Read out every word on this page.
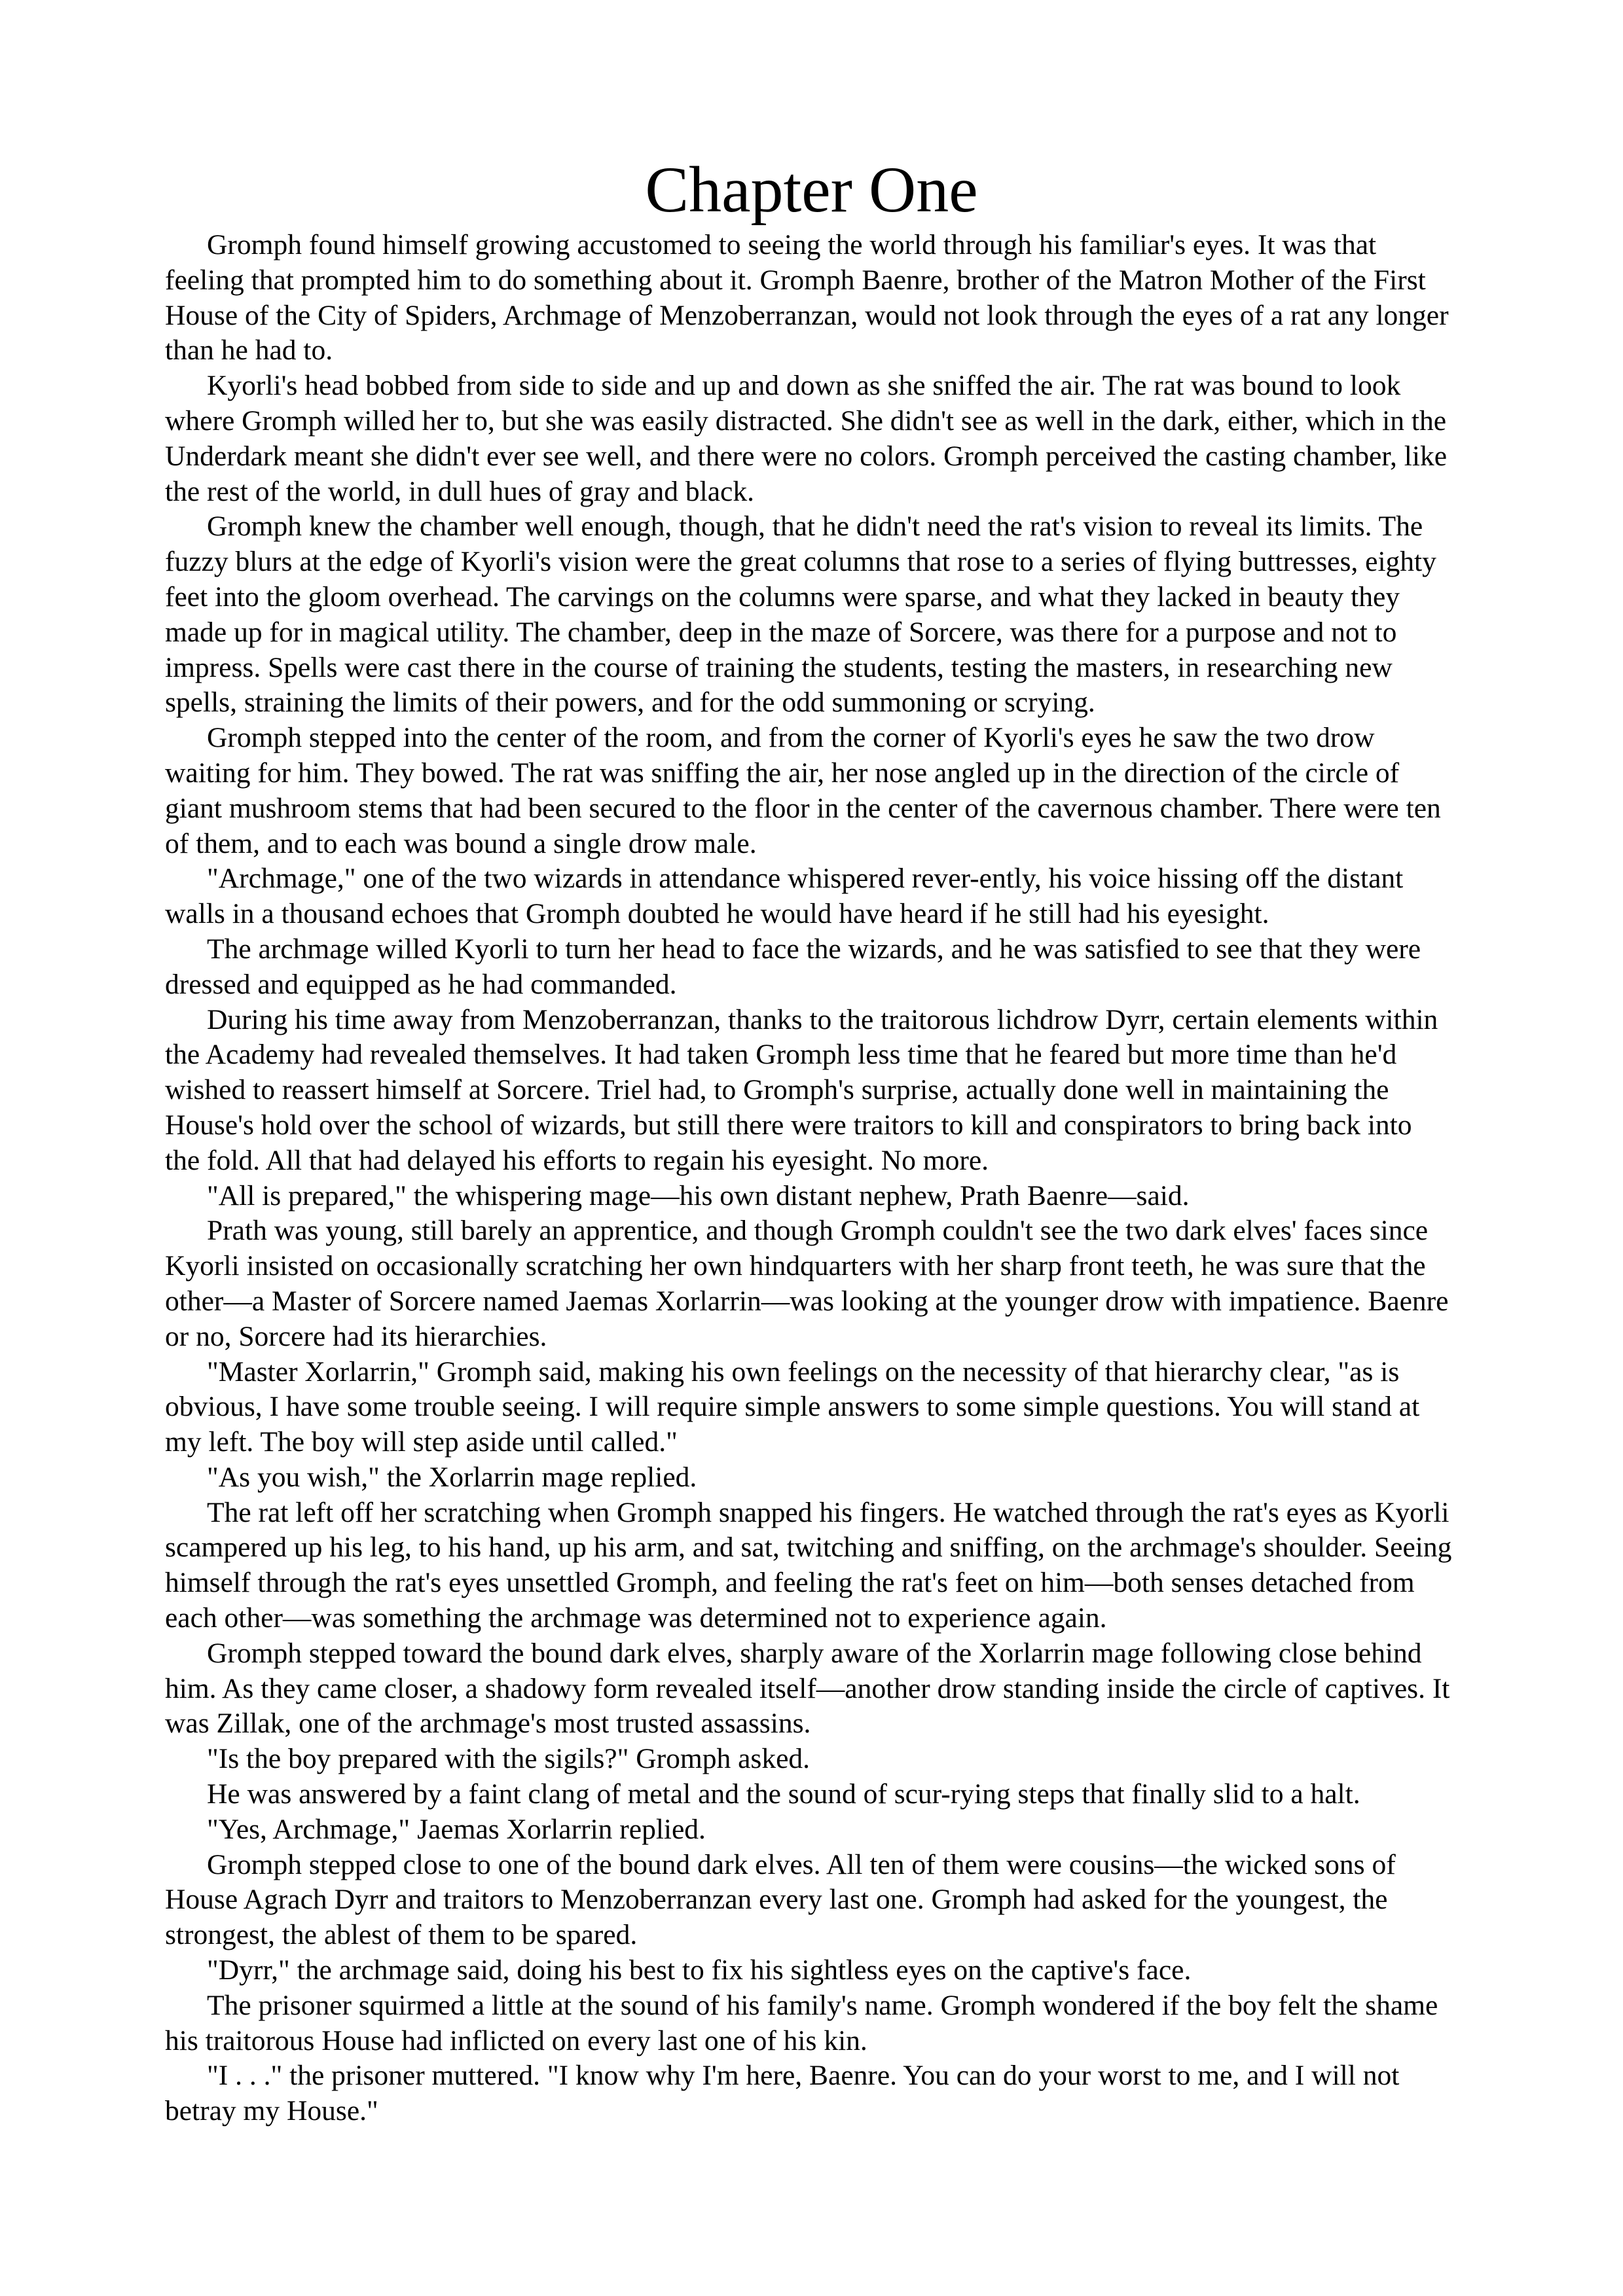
Chapter One

Gromph found himself growing accustomed to seeing the world through his familiar's eyes. It was that feeling that prompted him to do something about it. Gromph Baenre, brother of the Matron Mother of the First House of the City of Spiders, Archmage of Menzoberranzan, would not look through the eyes of a rat any longer than he had to.

Kyorli's head bobbed from side to side and up and down as she sniffed the air. The rat was bound to look where Gromph willed her to, but she was easily distracted. She didn't see as well in the dark, either, which in the Underdark meant she didn't ever see well, and there were no colors. Gromph perceived the casting chamber, like the rest of the world, in dull hues of gray and black.

Gromph knew the chamber well enough, though, that he didn't need the rat's vision to reveal its limits. The fuzzy blurs at the edge of Kyorli's vision were the great columns that rose to a series of flying buttresses, eighty feet into the gloom overhead. The carvings on the columns were sparse, and what they lacked in beauty they made up for in magical utility. The chamber, deep in the maze of Sorcere, was there for a purpose and not to impress. Spells were cast there in the course of training the students, testing the masters, in researching new spells, straining the limits of their powers, and for the odd summoning or scrying.

Gromph stepped into the center of the room, and from the corner of Kyorli's eyes he saw the two drow waiting for him. They bowed. The rat was sniffing the air, her nose angled up in the direction of the circle of giant mushroom stems that had been secured to the floor in the center of the cavernous chamber. There were ten of them, and to each was bound a single drow male.

"Archmage," one of the two wizards in attendance whispered rever-ently, his voice hissing off the distant walls in a thousand echoes that Gromph doubted he would have heard if he still had his eyesight.

The archmage willed Kyorli to turn her head to face the wizards, and he was satisfied to see that they were dressed and equipped as he had commanded.

During his time away from Menzoberranzan, thanks to the traitorous lichdrow Dyrr, certain elements within the Academy had revealed themselves. It had taken Gromph less time that he feared but more time than he'd wished to reassert himself at Sorcere. Triel had, to Gromph's surprise, actually done well in maintaining the House's hold over the school of wizards, but still there were traitors to kill and conspirators to bring back into the fold. All that had delayed his efforts to regain his eyesight. No more.

"All is prepared," the whispering mage—his own distant nephew, Prath Baenre—said.

Prath was young, still barely an apprentice, and though Gromph couldn't see the two dark elves' faces since Kyorli insisted on occasionally scratching her own hindquarters with her sharp front teeth, he was sure that the other—a Master of Sorcere named Jaemas Xorlarrin—was looking at the younger drow with impatience. Baenre or no, Sorcere had its hierarchies.

"Master Xorlarrin," Gromph said, making his own feelings on the necessity of that hierarchy clear, "as is obvious, I have some trouble seeing. I will require simple answers to some simple questions. You will stand at my left. The boy will step aside until called."

"As you wish," the Xorlarrin mage replied.

The rat left off her scratching when Gromph snapped his fingers. He watched through the rat's eyes as Kyorli scampered up his leg, to his hand, up his arm, and sat, twitching and sniffing, on the archmage's shoulder. Seeing himself through the rat's eyes unsettled Gromph, and feeling the rat's feet on him—both senses detached from each other—was something the archmage was determined not to experience again.

Gromph stepped toward the bound dark elves, sharply aware of the Xorlarrin mage following close behind him. As they came closer, a shadowy form revealed itself—another drow standing inside the circle of captives. It was Zillak, one of the archmage's most trusted assassins.

"Is the boy prepared with the sigils?" Gromph asked.

He was answered by a faint clang of metal and the sound of scur-rying steps that finally slid to a halt.

"Yes, Archmage," Jaemas Xorlarrin replied.

Gromph stepped close to one of the bound dark elves. All ten of them were cousins—the wicked sons of House Agrach Dyrr and traitors to Menzoberranzan every last one. Gromph had asked for the youngest, the strongest, the ablest of them to be spared.

"Dyrr," the archmage said, doing his best to fix his sightless eyes on the captive's face.

The prisoner squirmed a little at the sound of his family's name. Gromph wondered if the boy felt the shame his traitorous House had inflicted on every last one of his kin.

"I . . ." the prisoner muttered. "I know why I'm here, Baenre. You can do your worst to me, and I will not betray my House."
